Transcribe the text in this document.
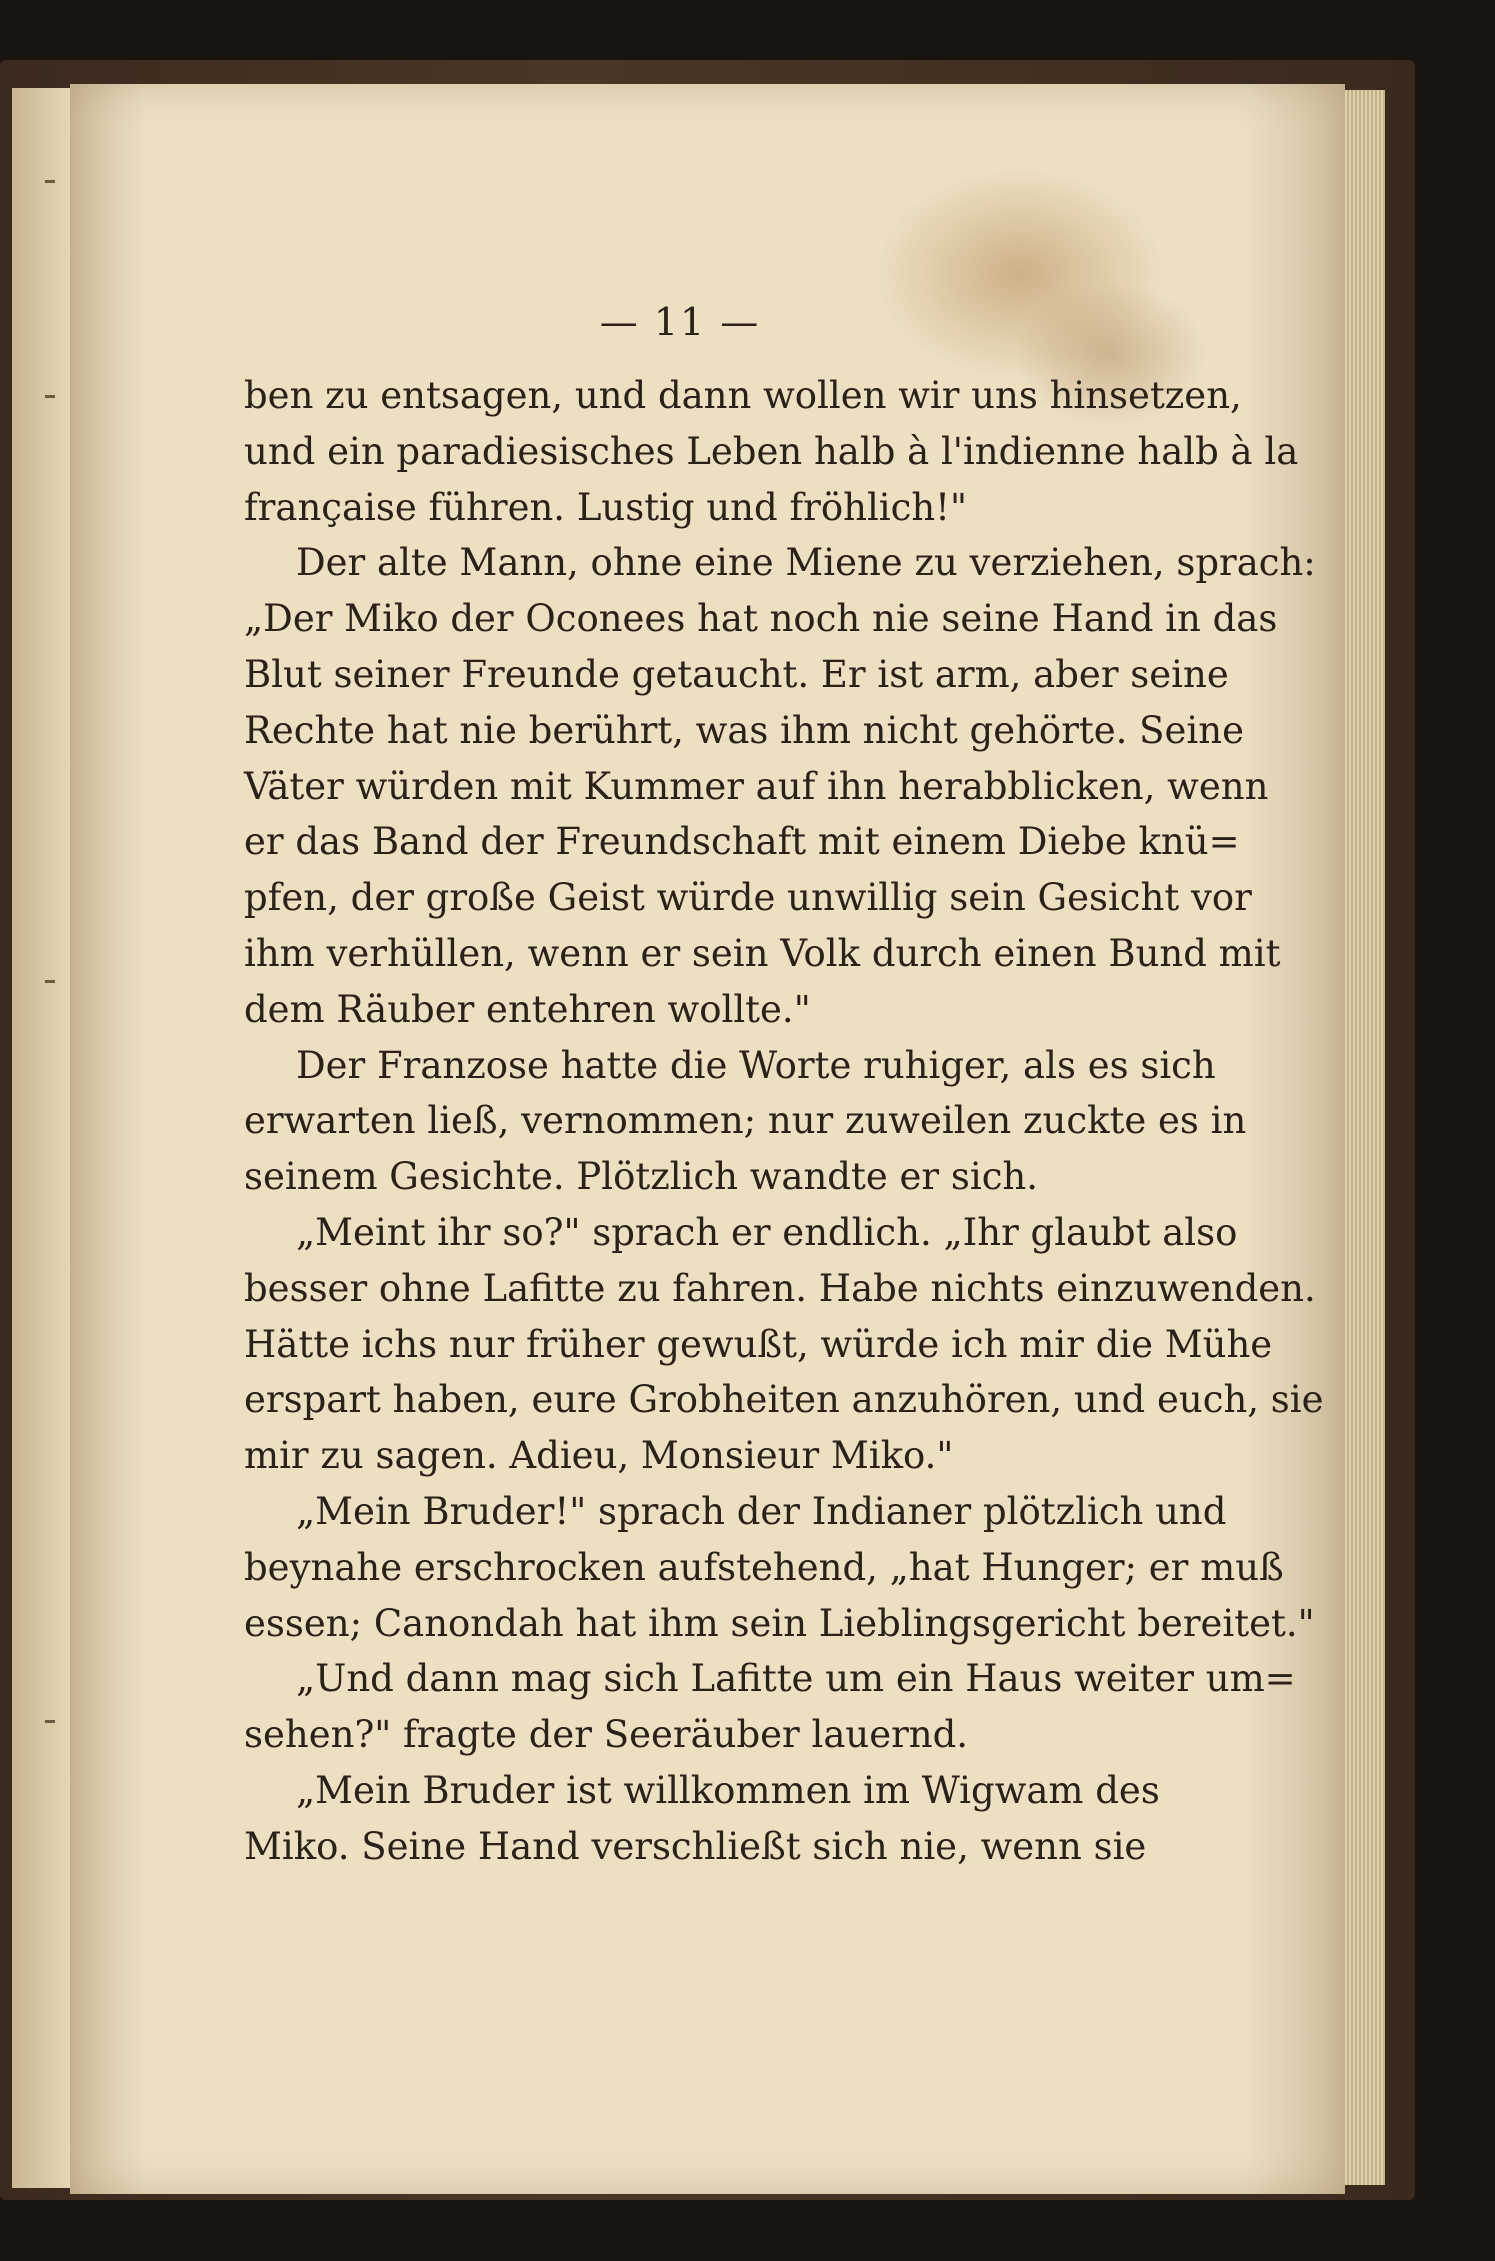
— 11 —
ben zu entsagen, und dann wollen wir uns hinsetzen,
und ein paradiesisches Leben halb à l'indienne halb à la
française führen. Lustig und fröhlich!"
Der alte Mann, ohne eine Miene zu verziehen, sprach:
„Der Miko der Oconees hat noch nie seine Hand in das
Blut seiner Freunde getaucht. Er ist arm, aber seine
Rechte hat nie berührt, was ihm nicht gehörte. Seine
Väter würden mit Kummer auf ihn herabblicken, wenn
er das Band der Freundschaft mit einem Diebe knü=
pfen, der große Geist würde unwillig sein Gesicht vor
ihm verhüllen, wenn er sein Volk durch einen Bund mit
dem Räuber entehren wollte."
Der Franzose hatte die Worte ruhiger, als es sich
erwarten ließ, vernommen; nur zuweilen zuckte es in
seinem Gesichte. Plötzlich wandte er sich.
„Meint ihr so?" sprach er endlich. „Ihr glaubt also
besser ohne Lafitte zu fahren. Habe nichts einzuwenden.
Hätte ichs nur früher gewußt, würde ich mir die Mühe
erspart haben, eure Grobheiten anzuhören, und euch, sie
mir zu sagen. Adieu, Monsieur Miko."
„Mein Bruder!" sprach der Indianer plötzlich und
beynahe erschrocken aufstehend, „hat Hunger; er muß
essen; Canondah hat ihm sein Lieblingsgericht bereitet."
„Und dann mag sich Lafitte um ein Haus weiter um=
sehen?" fragte der Seeräuber lauernd.
„Mein Bruder ist willkommen im Wigwam des
Miko. Seine Hand verschließt sich nie, wenn sie
